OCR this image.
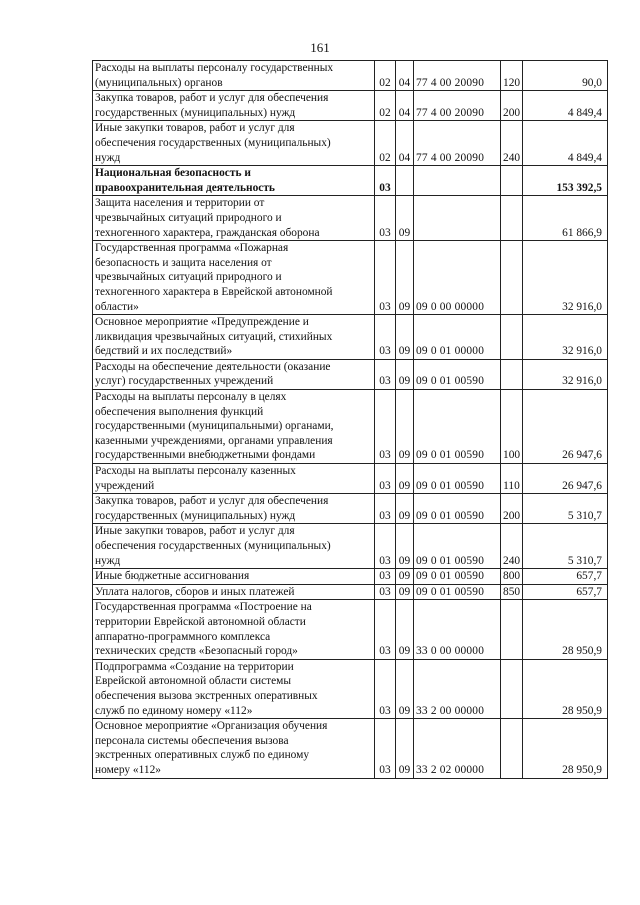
161
Расходы на выплаты персоналу государственных
(муниципальных) органов	02	04	77 4 00 20090	120	90,0

Закупка товаров, работ и услуг для обеспечения
государственных (муниципальных) нужд	02	04	77 4 00 20090	200	4 849,4

Иные закупки товаров, работ и услуг для
обеспечения государственных (муниципальных)
нужд	02	04	77 4 00 20090	240	4 849,4

Национальная безопасность и
правоохранительная деятельность	03				153 392,5

Защита населения и территории от
чрезвычайных ситуаций природного и
техногенного характера, гражданская оборона	03	09			61 866,9

Государственная программа «Пожарная
безопасность и защита населения от
чрезвычайных ситуаций природного и
техногенного характера в Еврейской автономной
области»	03	09	09 0 00 00000		32 916,0

Основное мероприятие «Предупреждение и
ликвидация чрезвычайных ситуаций, стихийных
бедствий и их последствий»	03	09	09 0 01 00000		32 916,0

Расходы на обеспечение деятельности (оказание
услуг) государственных учреждений	03	09	09 0 01 00590		32 916,0

Расходы на выплаты персоналу в целях
обеспечения выполнения функций
государственными (муниципальными) органами,
казенными учреждениями, органами управления
государственными внебюджетными фондами	03	09	09 0 01 00590	100	26 947,6

Расходы на выплаты персоналу казенных
учреждений	03	09	09 0 01 00590	110	26 947,6

Закупка товаров, работ и услуг для обеспечения
государственных (муниципальных) нужд	03	09	09 0 01 00590	200	5 310,7

Иные закупки товаров, работ и услуг для
обеспечения государственных (муниципальных)
нужд	03	09	09 0 01 00590	240	5 310,7

Иные бюджетные ассигнования	03	09	09 0 01 00590	800	657,7

Уплата налогов, сборов и иных платежей	03	09	09 0 01 00590	850	657,7

Государственная программа «Построение на
территории Еврейской автономной области
аппаратно-программного комплекса
технических средств «Безопасный город»	03	09	33 0 00 00000		28 950,9

Подпрограмма «Создание на территории
Еврейской автономной области системы
обеспечения вызова экстренных оперативных
служб по единому номеру «112»	03	09	33 2 00 00000		28 950,9

Основное мероприятие «Организация обучения
персонала системы обеспечения вызова
экстренных оперативных служб по единому
номеру «112»	03	09	33 2 02 00000		28 950,9
